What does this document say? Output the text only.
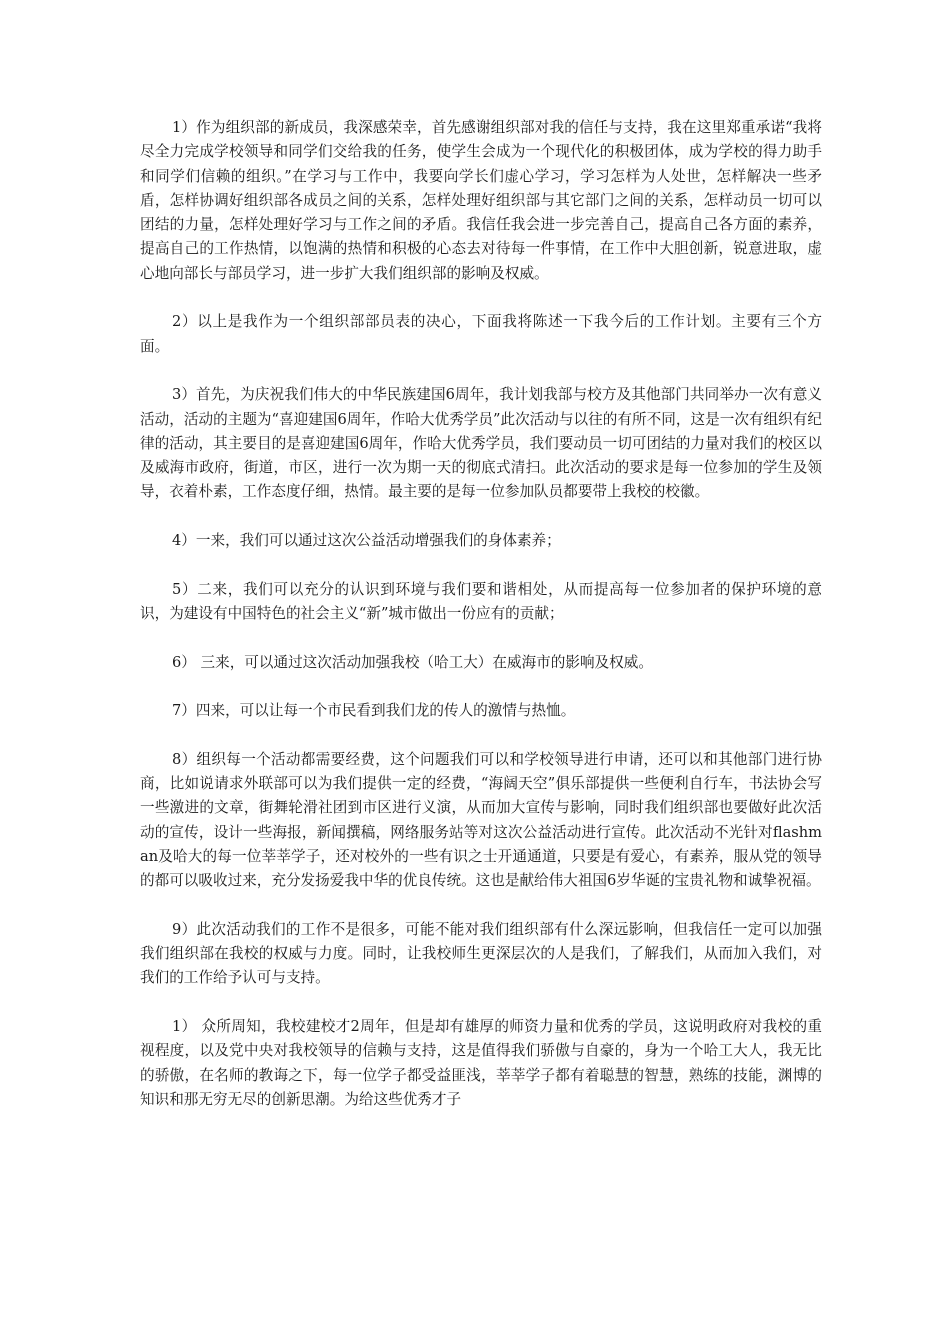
1）作为组织部的新成员，我深感荣幸，首先感谢组织部对我的信任与支持，我在这里郑重承诺“我将尽全力完成学校领导和同学们交给我的任务，使学生会成为一个现代化的积极团体，成为学校的得力助手和同学们信赖的组织。”在学习与工作中，我要向学长们虚心学习，学习怎样为人处世，怎样解决一些矛盾，怎样协调好组织部各成员之间的关系，怎样处理好组织部与其它部门之间的关系，怎样动员一切可以团结的力量，怎样处理好学习与工作之间的矛盾。我信任我会进一步完善自己，提高自己各方面的素养，提高自己的工作热情，以饱满的热情和积极的心态去对待每一件事情，在工作中大胆创新，锐意进取，虚心地向部长与部员学习，进一步扩大我们组织部的影响及权威。

2）以上是我作为一个组织部部员表的决心，下面我将陈述一下我今后的工作计划。主要有三个方面。

3）首先，为庆祝我们伟大的中华民族建国6周年，我计划我部与校方及其他部门共同举办一次有意义活动，活动的主题为“喜迎建国6周年，作哈大优秀学员”此次活动与以往的有所不同，这是一次有组织有纪律的活动，其主要目的是喜迎建国6周年，作哈大优秀学员，我们要动员一切可团结的力量对我们的校区以及威海市政府，街道，市区，进行一次为期一天的彻底式清扫。此次活动的要求是每一位参加的学生及领导，衣着朴素，工作态度仔细，热情。最主要的是每一位参加队员都要带上我校的校徽。

4）一来，我们可以通过这次公益活动增强我们的身体素养；

5）二来，我们可以充分的认识到环境与我们要和谐相处，从而提高每一位参加者的保护环境的意识，为建设有中国特色的社会主义“新”城市做出一份应有的贡献；

6） 三来，可以通过这次活动加强我校（哈工大）在威海市的影响及权威。

7）四来，可以让每一个市民看到我们龙的传人的激情与热恤。

8）组织每一个活动都需要经费，这个问题我们可以和学校领导进行申请，还可以和其他部门进行协商，比如说请求外联部可以为我们提供一定的经费，“海阔天空”俱乐部提供一些便利自行车，书法协会写一些激进的文章，街舞轮滑社团到市区进行义演，从而加大宣传与影响，同时我们组织部也要做好此次活动的宣传，设计一些海报，新闻撰稿，网络服务站等对这次公益活动进行宣传。此次活动不光针对flashman及哈大的每一位莘莘学子，还对校外的一些有识之士开通通道，只要是有爱心，有素养，服从党的领导的都可以吸收过来，充分发扬爱我中华的优良传统。这也是献给伟大祖国6岁华诞的宝贵礼物和诚挚祝福。

9）此次活动我们的工作不是很多，可能不能对我们组织部有什么深远影响，但我信任一定可以加强我们组织部在我校的权威与力度。同时，让我校师生更深层次的人是我们，了解我们，从而加入我们，对我们的工作给予认可与支持。

1） 众所周知，我校建校才2周年，但是却有雄厚的师资力量和优秀的学员，这说明政府对我校的重视程度，以及党中央对我校领导的信赖与支持，这是值得我们骄傲与自豪的，身为一个哈工大人，我无比的骄傲，在名师的教诲之下，每一位学子都受益匪浅，莘莘学子都有着聪慧的智慧，熟练的技能，渊博的知识和那无穷无尽的创新思潮。为给这些优秀才子
